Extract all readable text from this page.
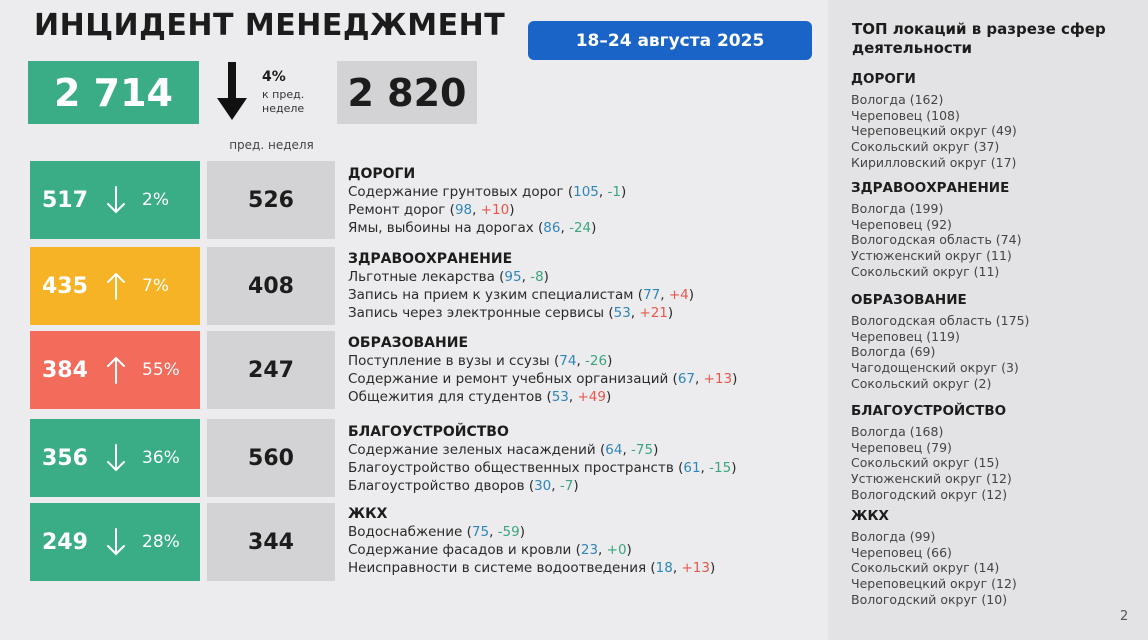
ИНЦИДЕНТ МЕНЕДЖМЕНТ	18–24 августа 2025
2 714	4%
к пред. неделе	2 820
пред. неделя
517	2%	526
ДОРОГИ
Содержание грунтовых дорог (105, -1)
Ремонт дорог (98, +10)
Ямы, выбоины на дорогах (86, -24)
435	7%	408
ЗДРАВООХРАНЕНИЕ
Льготные лекарства (95, -8)
Запись на прием к узким специалистам (77, +4)
Запись через электронные сервисы (53, +21)
384	55%	247
ОБРАЗОВАНИЕ
Поступление в вузы и ссузы (74, -26)
Содержание и ремонт учебных организаций (67, +13)
Общежития для студентов (53, +49)
356	36%	560
БЛАГОУСТРОЙСТВО
Содержание зеленых насаждений (64, -75)
Благоустройство общественных пространств (61, -15)
Благоустройство дворов (30, -7)
249	28%	344
ЖКХ
Водоснабжение (75, -59)
Содержание фасадов и кровли (23, +0)
Неисправности в системе водоотведения (18, +13)
ТОП локаций в разрезе сфер деятельности
ДОРОГИ
Вологда (162)
Череповец (108)
Череповецкий округ (49)
Сокольский округ (37)
Кирилловский округ (17)
ЗДРАВООХРАНЕНИЕ
Вологда (199)
Череповец (92)
Вологодская область (74)
Устюженский округ (11)
Сокольский округ (11)
ОБРАЗОВАНИЕ
Вологодская область (175)
Череповец (119)
Вологда (69)
Чагодощенский округ (3)
Сокольский округ (2)
БЛАГОУСТРОЙСТВО
Вологда (168)
Череповец (79)
Сокольский округ (15)
Устюженский округ (12)
Вологодский округ (12)
ЖКХ
Вологда (99)
Череповец (66)
Сокольский округ (14)
Череповецкий округ (12)
Вологодский округ (10)
2
